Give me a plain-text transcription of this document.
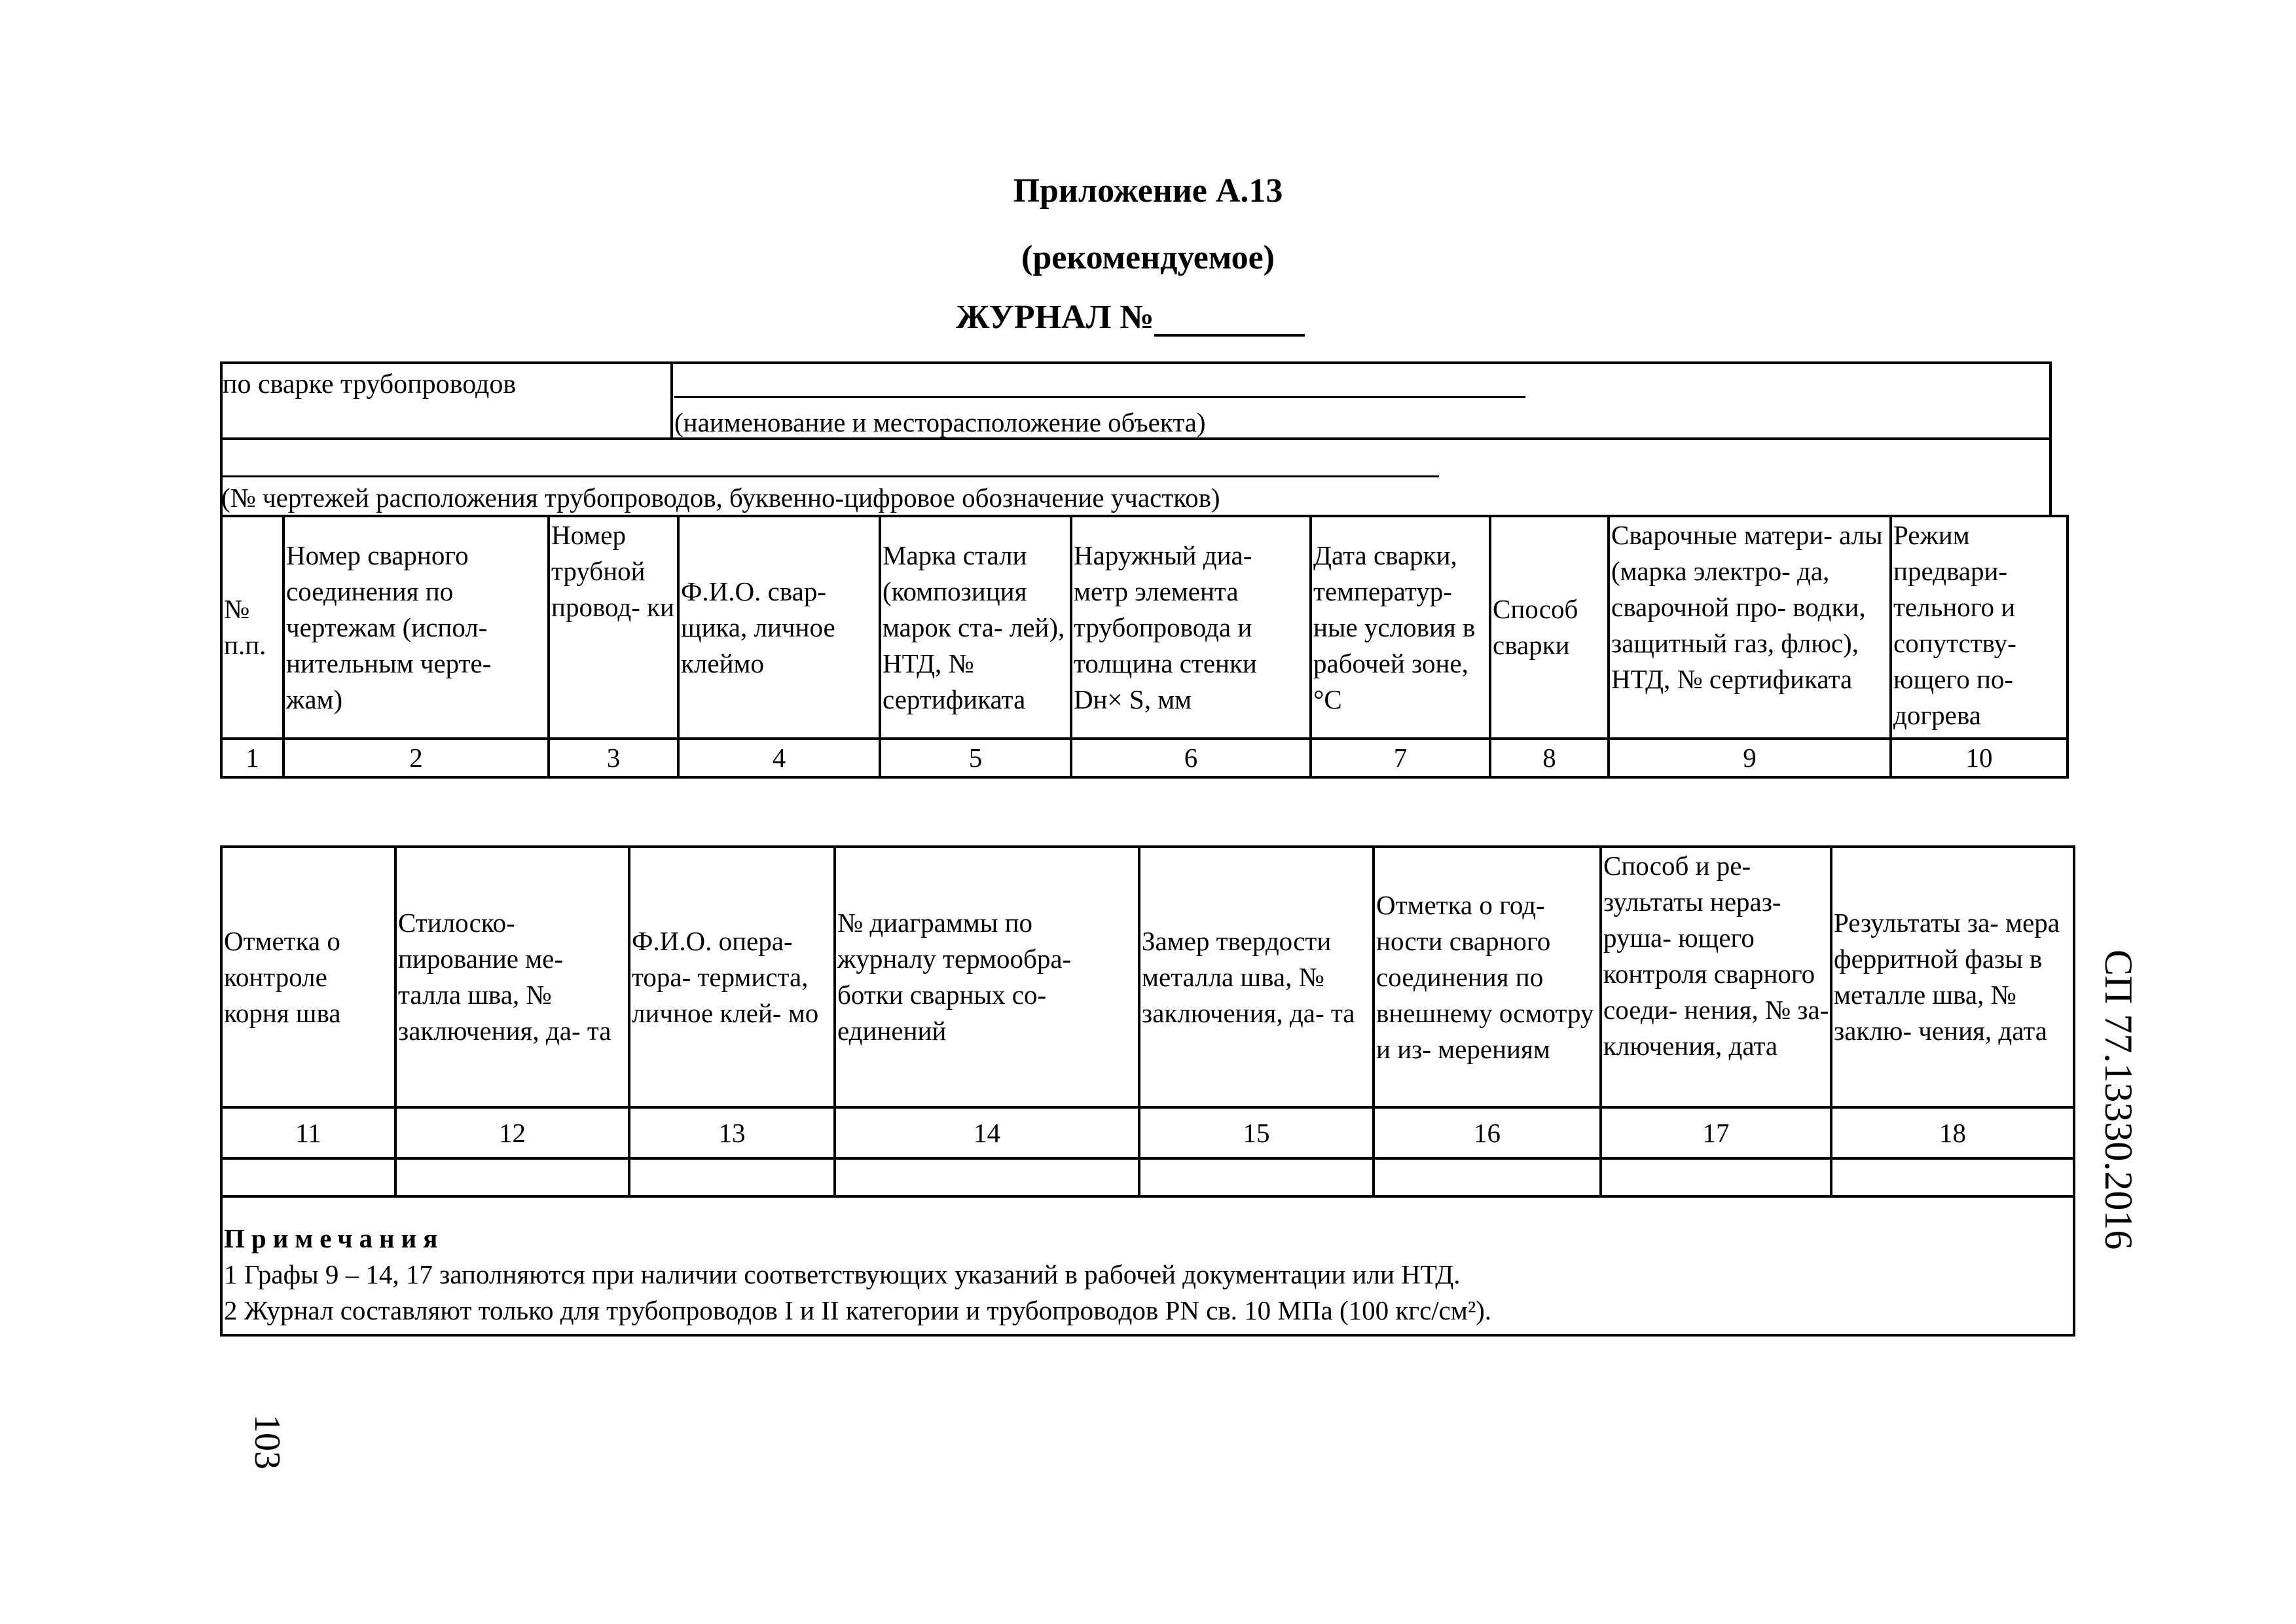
Приложение А.13
(рекомендуемое)
ЖУРНАЛ №
по сварке трубопроводов
(наименование и месторасположение объекта)
(№ чертежей расположения трубопроводов, буквенно-цифровое обозначение участков)
№ п.п.	Номер сварного соединения по чертежам (испол- нительным черте- жам)	Номер трубной провод- ки	Ф.И.О. свар- щика, личное клеймо	Марка стали (композиция марок ста- лей), НТД, № сертификата	Наружный диа- метр элемента трубопровода и толщина стенки Dн× S, мм	Дата сварки, температур- ные условия в рабочей зоне, °С	Способ сварки	Сварочные матери- алы (марка электро- да, сварочной про- водки, защитный газ, флюс), НТД, № сертификата	Режим предвари- тельного и сопутству- ющего по- догрева
1	2	3	4	5	6	7	8	9	10
Отметка о контроле корня шва	Стилоско- пирование ме- талла шва, № заключения, да- та	Ф.И.О. опера- тора- термиста, личное клей- мо	№ диаграммы по журналу термообра- ботки сварных со- единений	Замер твердости металла шва, № заключения, да- та	Отметка о год- ности сварного соединения по внешнему осмотру и из- мерениям	Способ и ре- зультаты нераз- руша- ющего контроля сварного соеди- нения, № за- ключения, дата	Результаты за- мера ферритной фазы в металле шва, № заклю- чения, дата
11	12	13	14	15	16	17	18

Примечания
1 Графы 9 – 14, 17 заполняются при наличии соответствующих указаний в рабочей документации или НТД.
2 Журнал составляют только для трубопроводов I и II категории и трубопроводов PN св. 10 МПа (100 кгс/см²).							
СП 77.13330.2016
103
